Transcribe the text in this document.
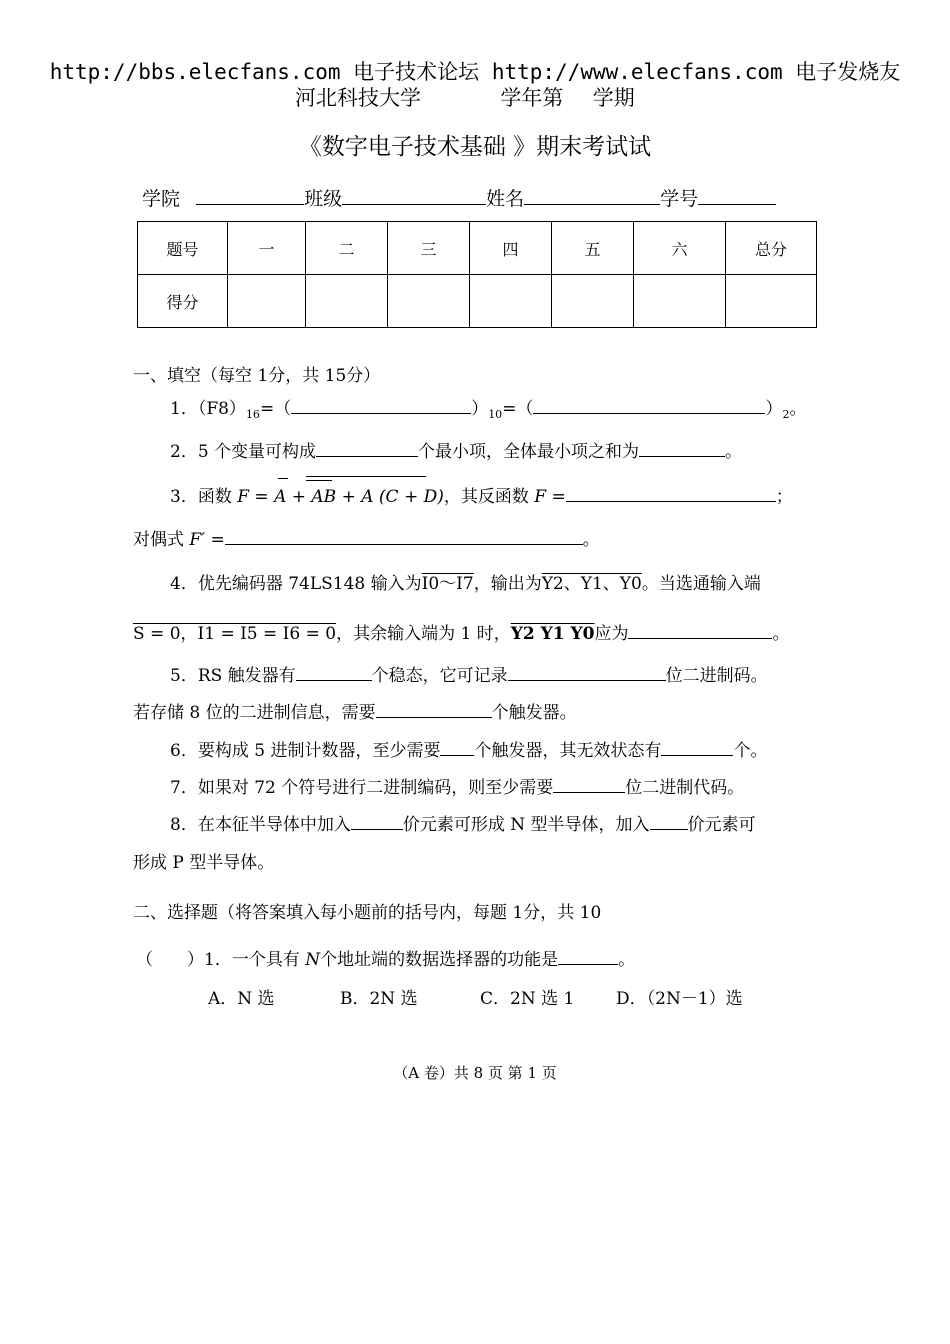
http://bbs.elecfans.com 电子技术论坛 http://www.elecfans.com 电子发烧友
河北科技大学	学年第 学期
《数字电子技术基础 》期末考试试
学院	班级	姓名	学号
题号	一	二	三	四	五	六	总分
得分							
一、填空（每空 1分，共 15分）
1．$(F8)_{16}=$（	）$_{10}=$（	）$_2$。
2．5 个变量可构成	个最小项，全体最小项之和为	。
3．函数 F = A + AB + A (C + D)，其反函数 F =	；
对偶式 F′ =	。
4．优先编码器 74LS148 输入为I0～I7，输出为Y2、Y1、Y0。当选通输入端
S = 0，I1 = I5 = I6 = 0，其余输入端为 1 时，Y2 Y1 Y0应为	。
5．RS 触发器有	个稳态，它可记录	位二进制码。
若存储 8 位的二进制信息，需要	个触发器。
6．要构成 5 进制计数器，至少需要 个触发器，其无效状态有	个。
7．如果对 72 个符号进行二进制编码，则至少需要	位二进制代码。
8．在本征半导体中加入	价元素可形成 N 型半导体，加入 价元素可
形成 P 型半导体。
二、选择题（将答案填入每小题前的括号内，每题 1分，共 10
（　　）1．一个具有 N个地址端的数据选择器的功能是	。
A．N 选	B．2N 选	C．2N 选 1 D．（2N－1）选
（A 卷）共 8 页 第 1 页
